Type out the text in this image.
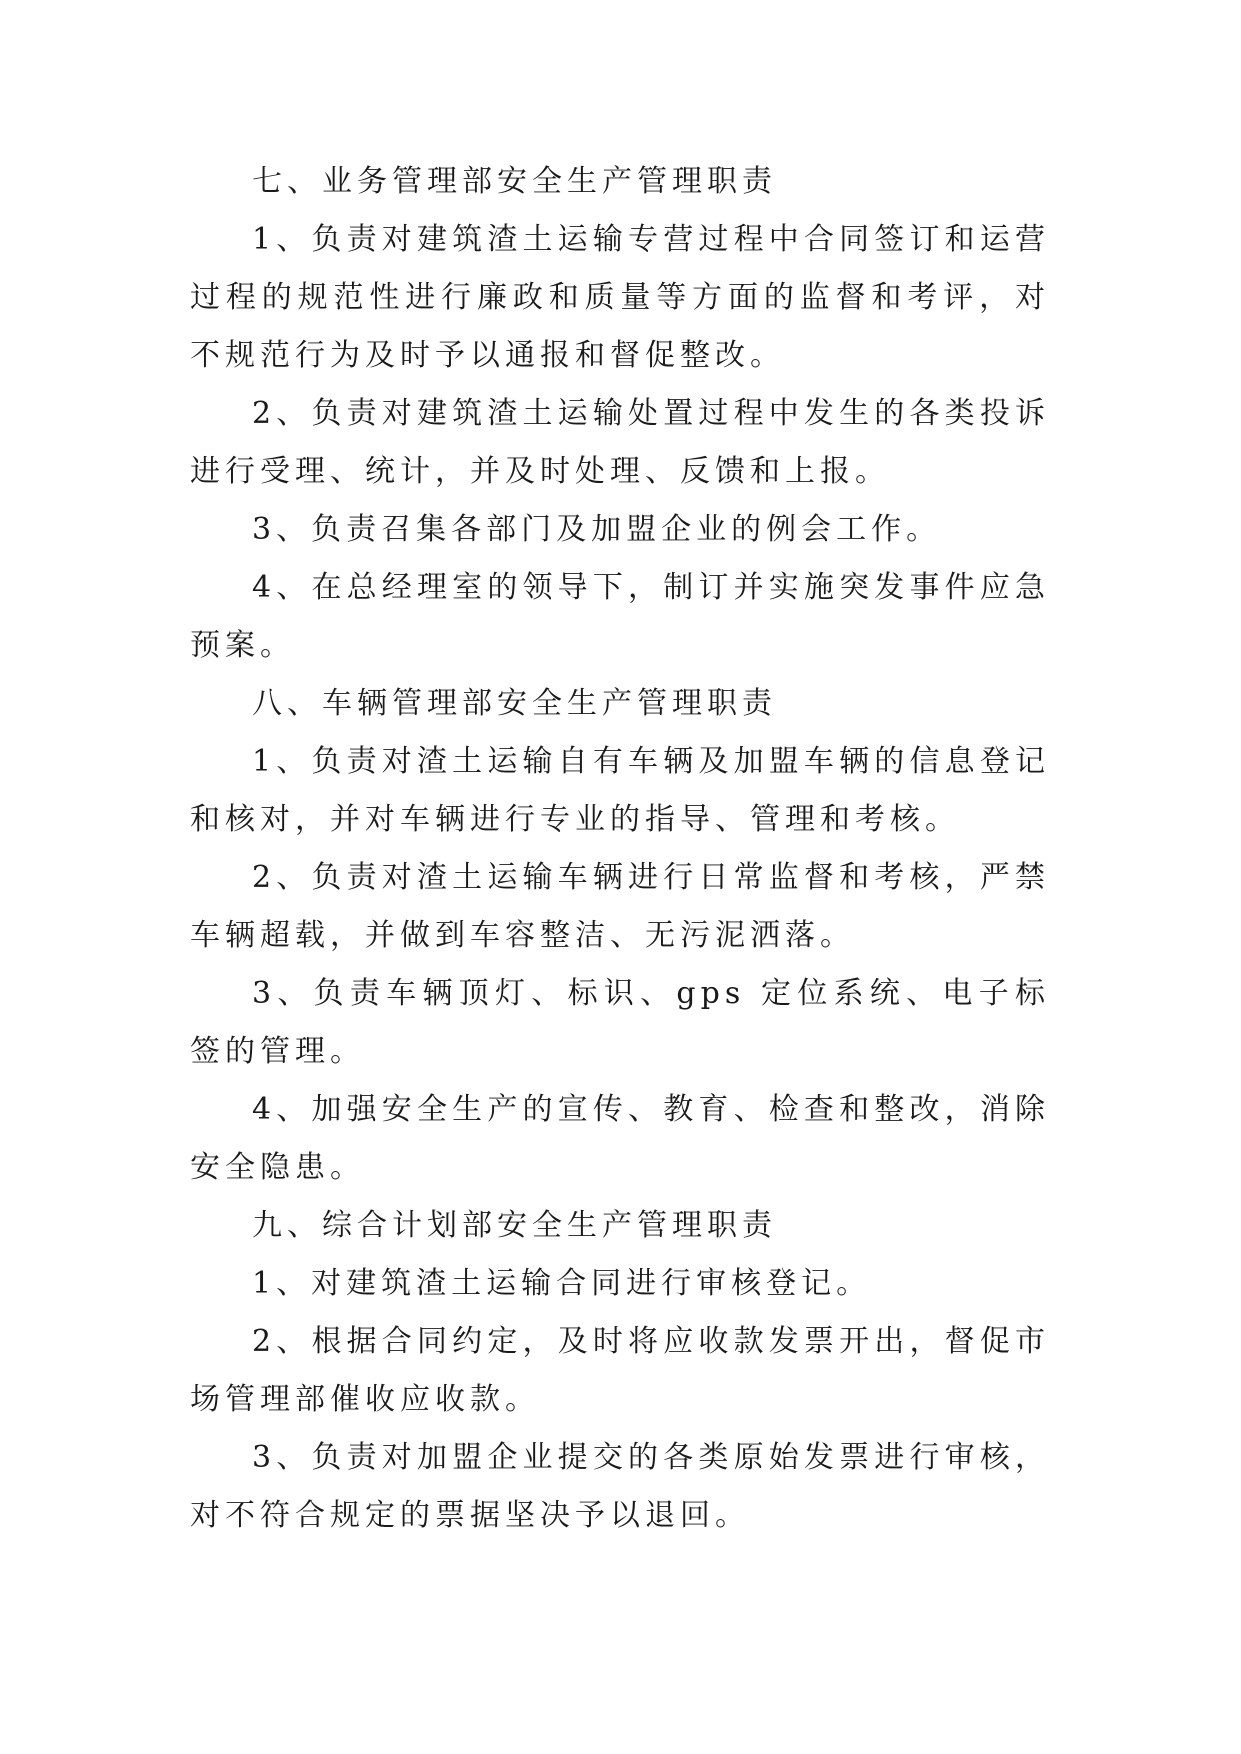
七、业务管理部安全生产管理职责

1、负责对建筑渣土运输专营过程中合同签订和运营过程的规范性进行廉政和质量等方面的监督和考评，对不规范行为及时予以通报和督促整改。

2、负责对建筑渣土运输处置过程中发生的各类投诉进行受理、统计，并及时处理、反馈和上报。

3、负责召集各部门及加盟企业的例会工作。

4、在总经理室的领导下，制订并实施突发事件应急预案。

八、车辆管理部安全生产管理职责

1、负责对渣土运输自有车辆及加盟车辆的信息登记和核对，并对车辆进行专业的指导、管理和考核。

2、负责对渣土运输车辆进行日常监督和考核，严禁车辆超载，并做到车容整洁、无污泥洒落。

3、负责车辆顶灯、标识、gps 定位系统、电子标签的管理。

4、加强安全生产的宣传、教育、检查和整改，消除安全隐患。

九、综合计划部安全生产管理职责

1、对建筑渣土运输合同进行审核登记。

2、根据合同约定，及时将应收款发票开出，督促市场管理部催收应收款。

3、负责对加盟企业提交的各类原始发票进行审核，对不符合规定的票据坚决予以退回。
